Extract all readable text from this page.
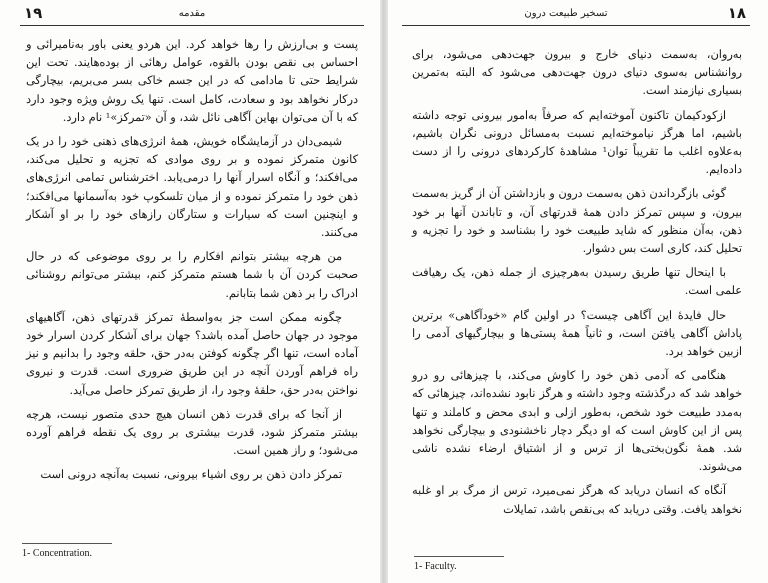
۱۹	مقدمه

پست و بی‌ارزش را رها خواهد کرد. این هردو یعنی باور به‌نامیرائی و احساس بی نقص بودن بالقوه، عوامل رهائی از بوده‌هایند. تحت این شرایط حتی تا مادامی که در این جسم خاکی بسر می‌بریم، بیچارگی درکار نخواهد بود و سعادت، کامل است. تنها یک روش ویژه وجود دارد که با آن می‌توان بهاین آگاهی نائل شد، و آن «تمرکز»¹ نام دارد.

شیمی‌دان در آزمایشگاه خویش، همهٔ انرژی‌های ذهنی خود را در یک کانون متمرکز نموده و بر روی موادی که تجزیه و تحلیل می‌کند، می‌افکند؛ و آنگاه اسرار آنها را درمی‌یابد. اخترشناس تمامی انرژی‌های ذهن خود را متمرکز نموده و از میان تلسکوپ خود به‌آسمانها می‌افکند؛ و اینچنین است که سیارات و ستارگان رازهای خود را بر او آشکار می‌کنند.

من هرچه بیشتر بتوانم افکارم را بر روی موضوعی که در حال صحبت کردن آن با شما هستم متمرکز کنم، بیشتر می‌توانم روشنائی ادراک را بر ذهن شما بتابانم.

چگونه ممکن است جز به‌واسطهٔ تمرکز قدرتهای ذهن، آگاهیهای موجود در جهان حاصل آمده باشد؟ جهان برای آشکار کردن اسرار خود آماده است، تنها اگر چگونه کوفتن به‌در حق، حلقه وجود را بدانیم و نیز راه فراهم آوردن آنچه در این طریق ضروری است. قدرت و نیروی نواختن به‌در حق، حلقهٔ وجود را، از طریق تمرکز حاصل می‌آید.

از آنجا که برای قدرت ذهن انسان هیچ حدی متصور نیست، هرچه بیشتر متمرکز شود، قدرت بیشتری بر روی یک نقطه فراهم آورده می‌شود؛ و راز همین است.

تمرکز دادن ذهن بر روی اشیاء بیرونی، نسبت به‌آنچه درونی است

1- Concentration.
تسخیر طبیعت درون	۱۸

به‌روان، به‌سمت دنیای خارج و بیرون جهت‌دهی می‌شود، برای روانشناس به‌سوی دنیای درون جهت‌دهی می‌شود که البته به‌تمرین بسیاری نیازمند است.

ازکودکیمان تاکنون آموخته‌ایم که صرفاً به‌امور بیرونی توجه داشته باشیم، اما هرگز نیاموخته‌ایم نسبت به‌مسائل درونی نگران باشیم، به‌علاوه اغلب ما تقریباً توان¹ مشاهدهٔ کارکردهای درونی را از دست داده‌ایم.

گوئی بازگرداندن ذهن به‌سمت درون و بازداشتن آن از گریز به‌سمت بیرون، و سپس تمرکز دادن همهٔ قدرتهای آن، و تاباندن آنها بر خود ذهن، به‌آن منظور که شاید طبیعت خود را بشناسد و خود را تجزیه و تحلیل کند، کاری است بس دشوار.

با اینحال تنها طریق رسیدن به‌هرچیزی از جمله ذهن، یک رهیافت علمی است.

حال فایدهٔ این آگاهی چیست؟ در اولین گام «خودآگاهی» برترین پاداش آگاهی یافتن است، و ثانیاً همهٔ پستی‌ها و بیچارگیهای آدمی را ازبین خواهد برد.

هنگامی که آدمی ذهن خود را کاوش می‌کند، با چیزهائی رو درو خواهد شد که درگذشته وجود داشته و هرگز نابود نشده‌اند، چیزهائی که به‌مدد طبیعت خود شخص، به‌طور ازلی و ابدی محض و کاملند و تنها پس از این کاوش است که او دیگر دچار ناخشنودی و بیچارگی نخواهد شد. همهٔ نگون‌بختی‌ها از ترس و از اشتیاق ارضاء نشده ناشی می‌شوند.

آنگاه که انسان دریابد که هرگز نمی‌میرد، ترس از مرگ بر او غلبه نخواهد یافت. وقتی دریابد که بی‌نقص باشد، تمایلات

1- Faculty.
